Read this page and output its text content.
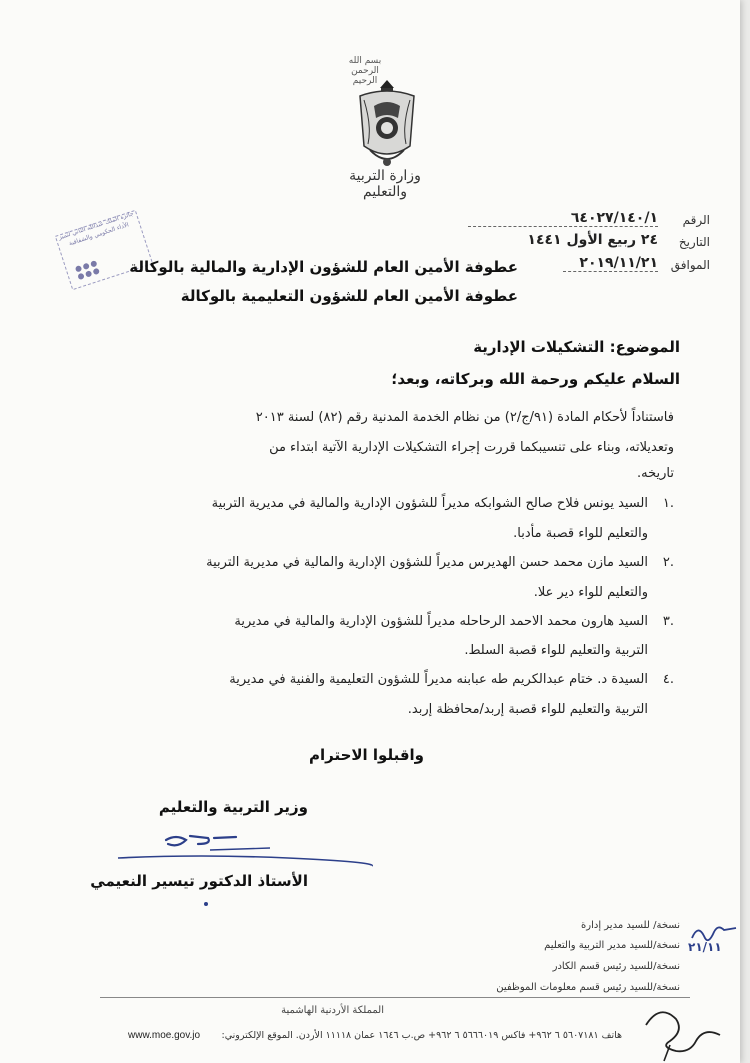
بسم الله الرحمن الرحيم
وزارة التربية والتعليم
الرقم
٦٤٠٢٧/١٤٠/١
التاريخ
٢٤ ربيع الأول ١٤٤١
الموافق
٢٠١٩/١١/٢١
جائزة الملك عبدالله الثاني لتميز الأداء الحكومي والشفافية
عطوفة الأمين العام للشؤون الإدارية والمالية بالوكالة
عطوفة الأمين العام للشؤون التعليمية بالوكالة
الموضوع: التشكيلات الإدارية
السلام عليكم ورحمة الله وبركاته، وبعد؛
فاستناداً لأحكام المادة (٩١/ج/٢) من نظام الخدمة المدنية رقم (٨٢) لسنة ٢٠١٣
وتعديلاته، وبناء على تنسيبكما قررت إجراء التشكيلات الإدارية الآتية ابتداء من
تاريخه.
.١
السيد يونس فلاح صالح الشوابكه مديراً للشؤون الإدارية والمالية في مديرية التربية
والتعليم للواء قصبة مأدبا.
.٢
السيد مازن محمد حسن الهديرس مديراً للشؤون الإدارية والمالية في مديرية التربية
والتعليم للواء دير علا.
.٣
السيد هارون محمد الاحمد الرحاحله مديراً للشؤون الإدارية والمالية في مديرية
التربية والتعليم للواء قصبة السلط.
.٤
السيدة د. ختام عبدالكريم طه عبابنه مديراً للشؤون التعليمية والفنية في مديرية
التربية والتعليم للواء قصبة إربد/محافظة إربد.
واقبلوا الاحترام
وزير التربية والتعليم
الأستاذ الدكتور تيسير النعيمي
نسخة/ للسيد مدير إدارة
نسخة/للسيد مدير التربية والتعليم
نسخة/للسيد رئيس قسم الكادر
نسخة/للسيد رئيس قسم معلومات الموظفين
٢١/١١
المملكة الأردنية الهاشمية
هاتف ٥٦٠٧١٨١ ٦ ٩٦٢+ فاكس ٥٦٦٦٠١٩ ٦ ٩٦٢+ ص.ب ١٦٤٦ عمان ١١١١٨ الأردن. الموقع الإلكتروني:
www.moe.gov.jo
